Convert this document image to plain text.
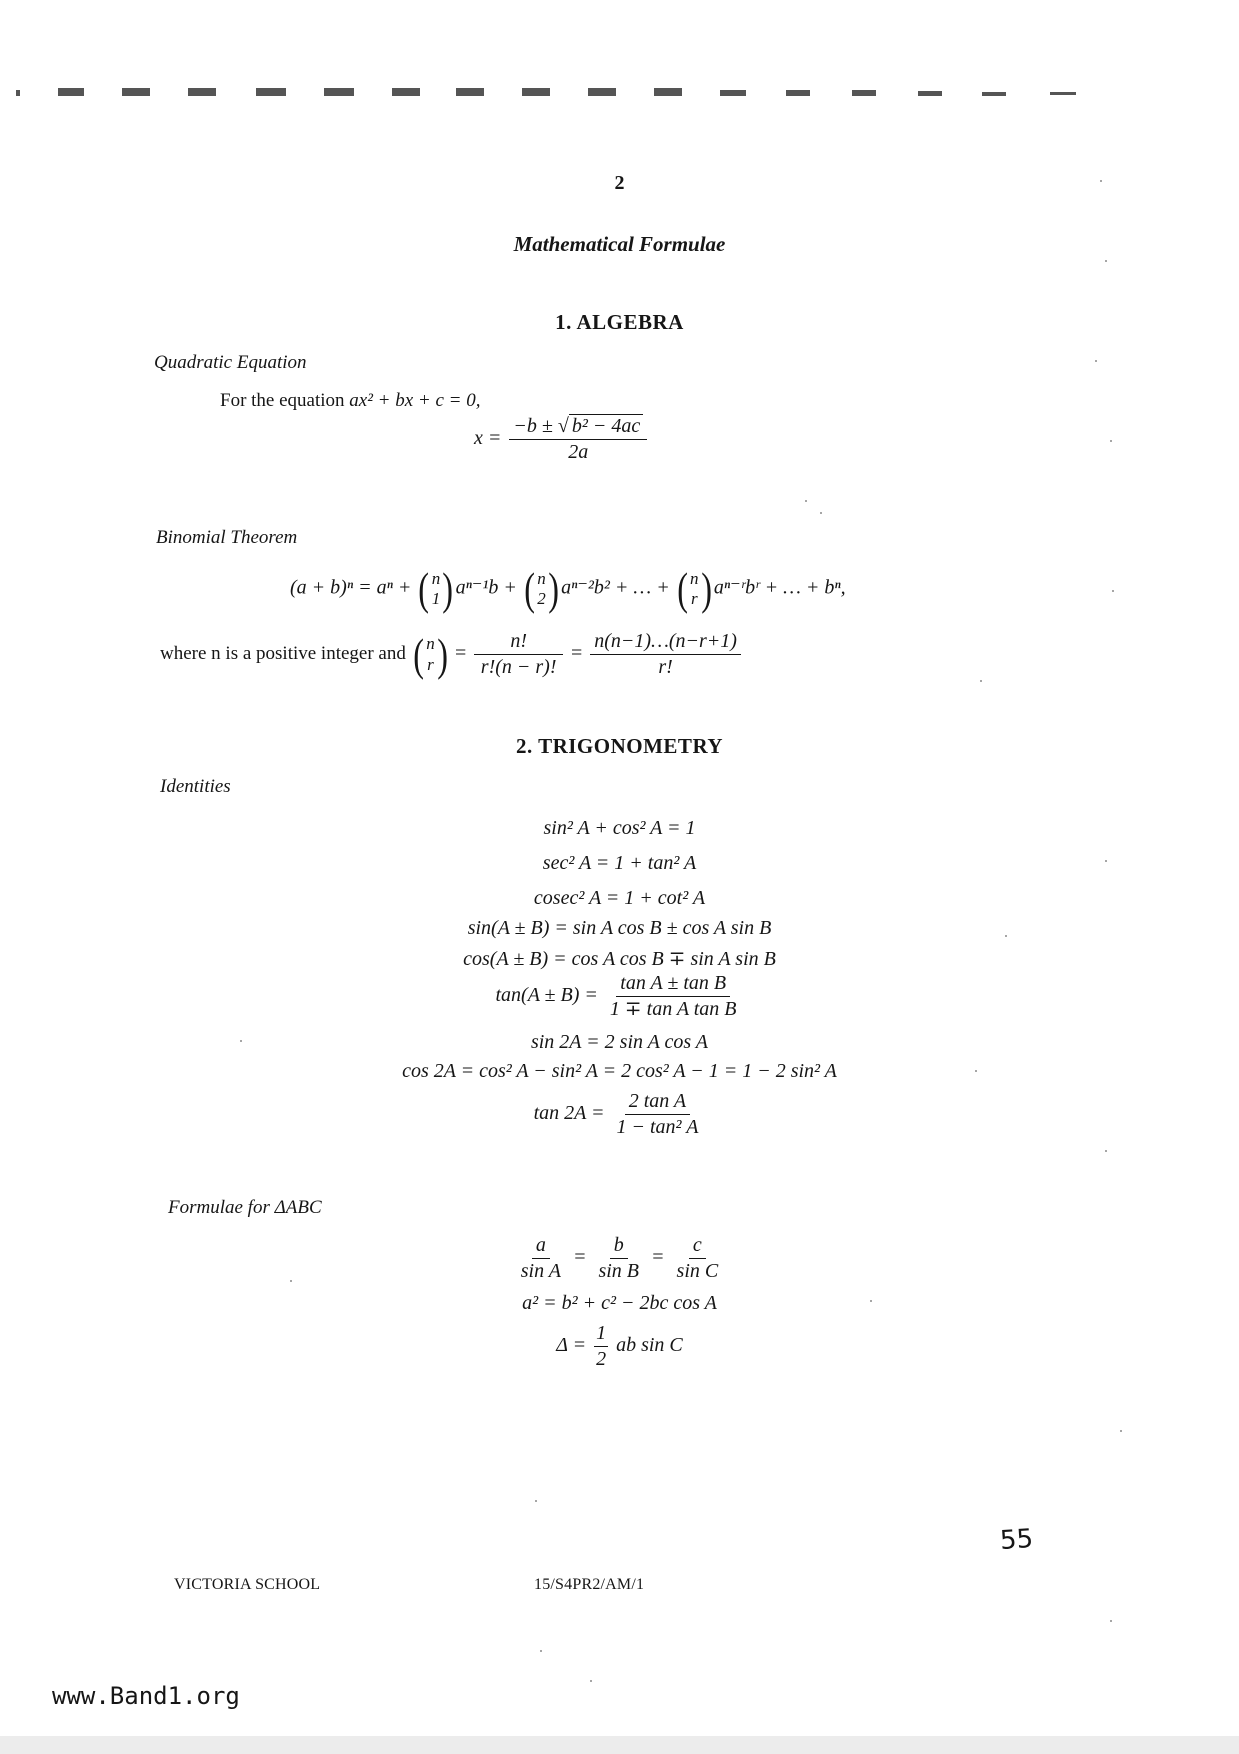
2
Mathematical Formulae
1. ALGEBRA
Quadratic Equation
For the equation ax² + bx + c = 0,
$x = \frac{\text{−b ± √ b² − 4ac}}{2a}$
Binomial Theorem
(a + b)ⁿ = aⁿ + ( n
1 ) aⁿ⁻¹b + ( n
2 ) aⁿ⁻²b² + … + ( n
r ) aⁿ⁻ʳbʳ + … + bⁿ,
where n is a positive integer and ( n
r ) = $\frac{n!}{r!(n - r)!} = \frac{n(n-1)\dots(n-r+1)}{r!}$
2. TRIGONOMETRY
Identities
sin² A + cos² A = 1
sec² A = 1 + tan² A
cosec² A = 1 + cot² A
sin(A ± B) = sin A cos B ± cos A sin B
cos(A ± B) = cos A cos B ∓ sin A sin B
$\tan(A \pm B) = \frac{\text{tan A ± tan B}}{\text{1 ∓ tan A tan B}}$
sin 2A = 2 sin A cos A
cos 2A = cos² A − sin² A = 2 cos² A − 1 = 1 − 2 sin² A
$\tan 2A = \frac{\text{2 tan A}}{\text{1 − tan² A}}$
Formulae for ΔABC
$\frac{a}{\text{sin A}} = \frac{b}{\text{sin B}} = \frac{c}{\text{sin C}}$
a² = b² + c² − 2bc cos A
$\Delta = \frac{1}{2}$ ab sin C
55
VICTORIA SCHOOL	15/S4PR2/AM/1
www.Band1.org
